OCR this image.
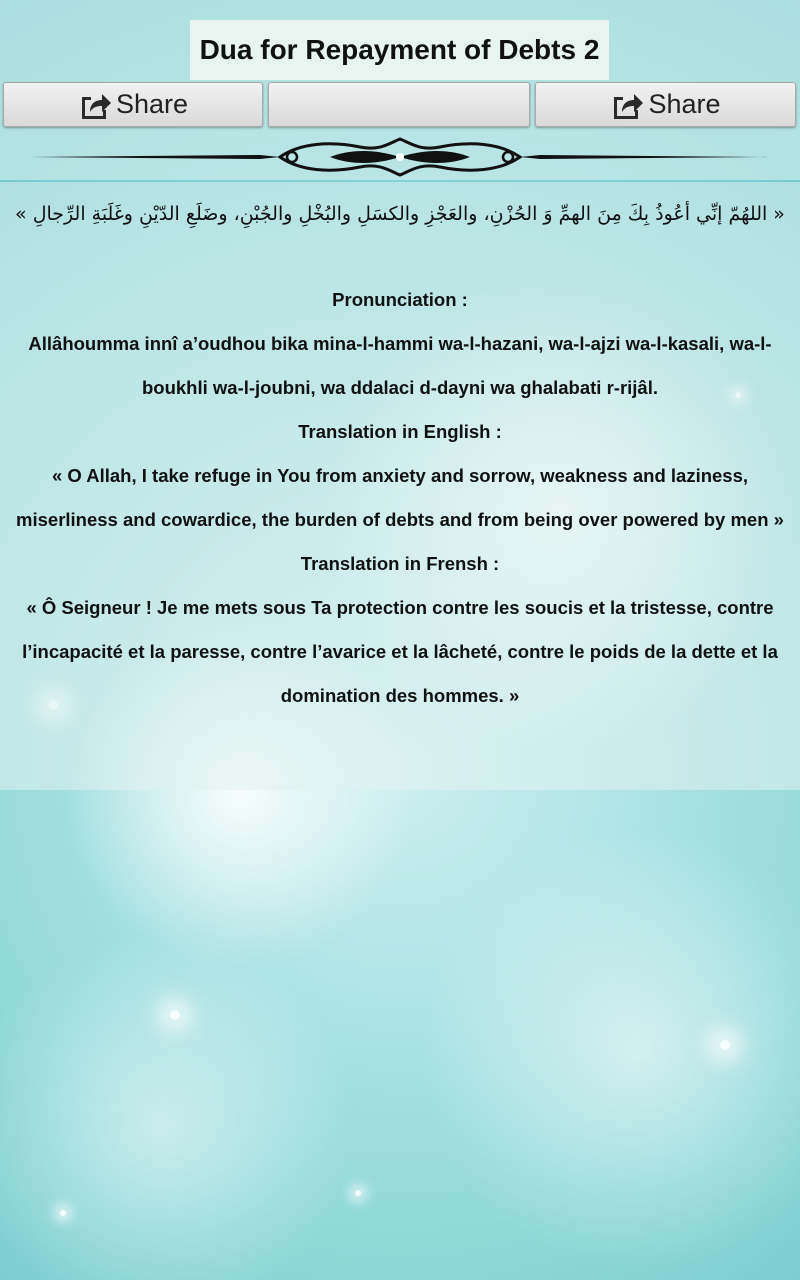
Dua for Repayment of Debts 2
Share	Share
« اللهُمّ إنِّي أعُوذُ بِكَ مِنَ الهمِّ وَ الحُزْنِ، والعَجْزِ والكسَلِ والبُخْلِ والجُبْنِ، وضَلَعِ الدّيْنِ وغَلَبَةِ الرِّجالِ »
Pronunciation :
Allâhoumma innî a’oudhou bika mina-l-hammi wa-l-hazani, wa-l-ajzi wa-l-kasali, wa-l-boukhli wa-l-joubni, wa ddalaci d-dayni wa ghalabati r-rijâl.
Translation in English :
« O Allah, I take refuge in You from anxiety and sorrow, weakness and laziness, miserliness and cowardice, the burden of debts and from being over powered by men »
Translation in Frensh :
« Ô Seigneur ! Je me mets sous Ta protection contre les soucis et la tristesse, contre l’incapacité et la paresse, contre l’avarice et la lâcheté, contre le poids de la dette et la domination des hommes. »
